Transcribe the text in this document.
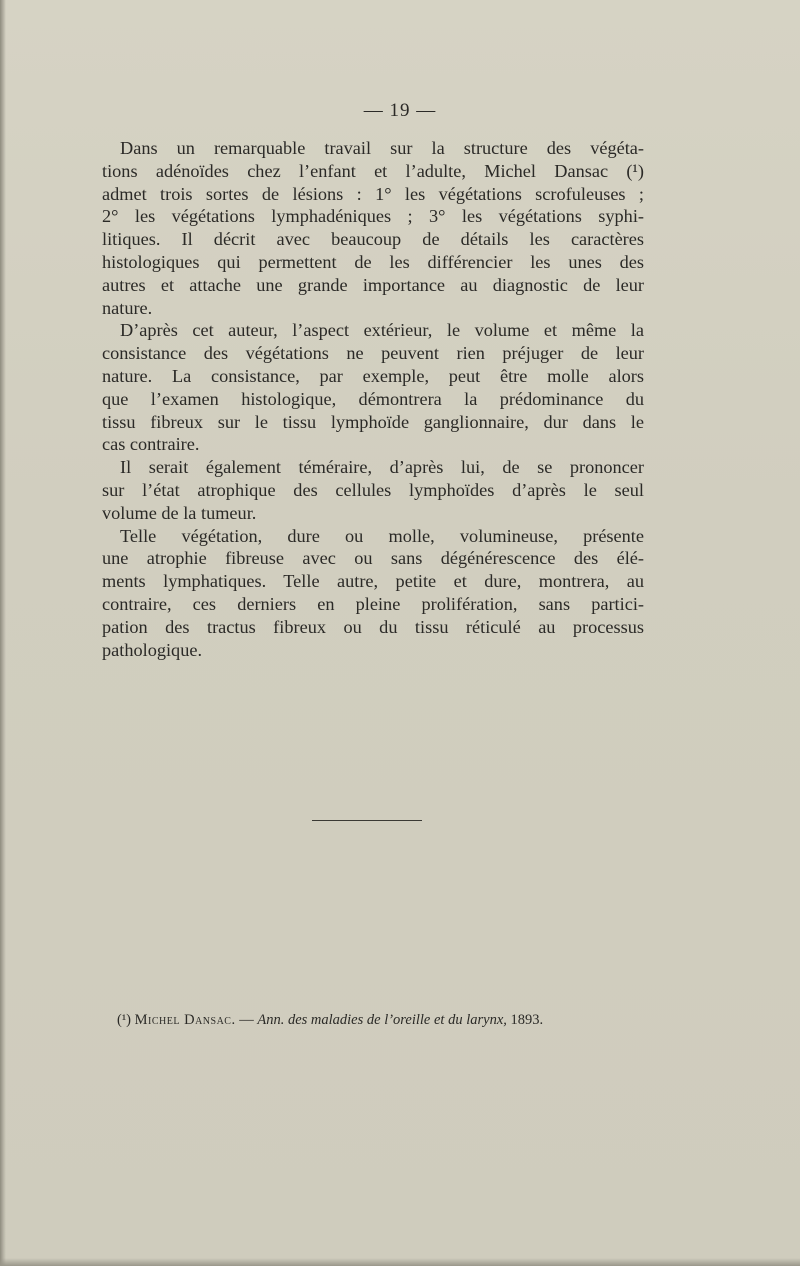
— 19 —
Dans un remarquable travail sur la structure des végéta-
tions adénoïdes chez l’enfant et l’adulte, Michel Dansac (¹)
admet trois sortes de lésions : 1° les végétations scrofuleuses ;
2° les végétations lymphadéniques ; 3° les végétations syphi-
litiques. Il décrit avec beaucoup de détails les caractères
histologiques qui permettent de les différencier les unes des
autres et attache une grande importance au diagnostic de leur
nature.
D’après cet auteur, l’aspect extérieur, le volume et même la
consistance des végétations ne peuvent rien préjuger de leur
nature. La consistance, par exemple, peut être molle alors
que l’examen histologique, démontrera la prédominance du
tissu fibreux sur le tissu lymphoïde ganglionnaire, dur dans le
cas contraire.
Il serait également téméraire, d’après lui, de se prononcer
sur l’état atrophique des cellules lymphoïdes d’après le seul
volume de la tumeur.
Telle végétation, dure ou molle, volumineuse, présente
une atrophie fibreuse avec ou sans dégénérescence des élé-
ments lymphatiques. Telle autre, petite et dure, montrera, au
contraire, ces derniers en pleine prolifération, sans partici-
pation des tractus fibreux ou du tissu réticulé au processus
pathologique.
(¹) Michel Dansac. — Ann. des maladies de l’oreille et du larynx, 1893.
